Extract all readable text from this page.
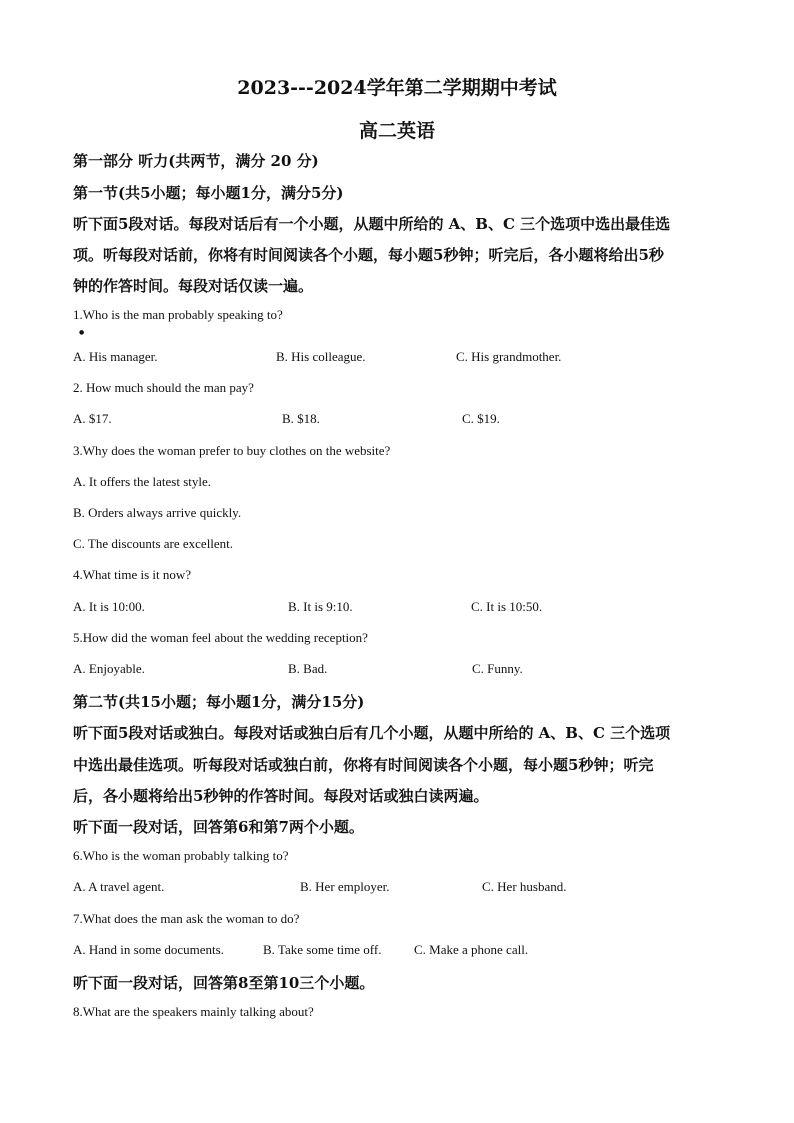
2023---2024学年第二学期期中考试
高二英语
第一部分 听力(共两节，满分 20 分)
第一节(共5小题；每小题1分，满分5分)
听下面5段对话。每段对话后有一个小题，从题中所给的 A、B、C 三个选项中选出最佳选
项。听每段对话前，你将有时间阅读各个小题，每小题5秒钟；听完后，各小题将给出5秒
钟的作答时间。每段对话仅读一遍。
1.Who is the man probably speaking to?
●
A. His manager.	B. His colleague.	C. His grandmother.
2. How much should the man pay?
A. $17.	B. $18.	C. $19.
3.Why does the woman prefer to buy clothes on the website?
A. It offers the latest style.
B. Orders always arrive quickly.
C. The discounts are excellent.
4.What time is it now?
A. It is 10:00.	B. It is 9:10.	C. It is 10:50.
5.How did the woman feel about the wedding reception?
A. Enjoyable.	B. Bad.	C. Funny.
第二节(共15小题；每小题1分，满分15分)
听下面5段对话或独白。每段对话或独白后有几个小题，从题中所给的 A、B、C 三个选项
中选出最佳选项。听每段对话或独白前，你将有时间阅读各个小题，每小题5秒钟；听完
后，各小题将给出5秒钟的作答时间。每段对话或独白读两遍。
听下面一段对话，回答第6和第7两个小题。
6.Who is the woman probably talking to?
A. A travel agent.	B. Her employer.	C. Her husband.
7.What does the man ask the woman to do?
A. Hand in some documents.	B. Take some time off.	C. Make a phone call.
听下面一段对话，回答第8至第10三个小题。
8.What are the speakers mainly talking about?
